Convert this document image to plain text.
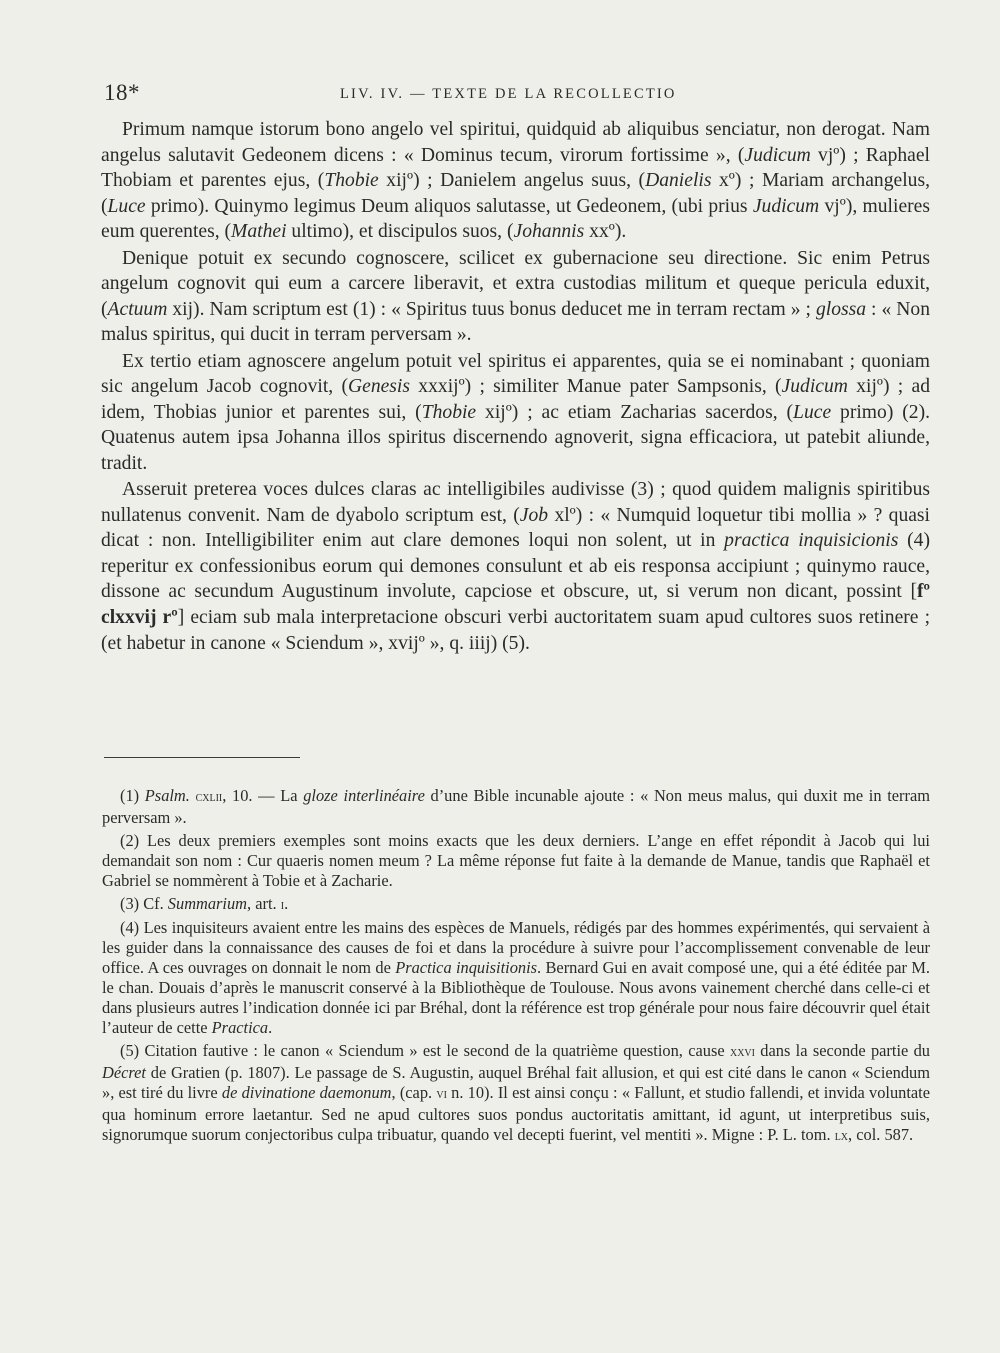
18*	LIV. IV. — TEXTE DE LA RECOLLECTIO

Primum namque istorum bono angelo vel spiritui, quidquid ab aliquibus senciatur, non derogat. Nam angelus salutavit Gedeonem dicens : « Dominus tecum, virorum fortissime », (Judicum vjº) ; Raphael Thobiam et parentes ejus, (Thobie xijº) ; Danielem angelus suus, (Danielis xº) ; Mariam archangelus, (Luce primo). Quinymo legimus Deum aliquos salutasse, ut Gedeonem, (ubi prius Judicum vjº), mulieres eum querentes, (Mathei ultimo), et discipulos suos, (Johannis xxº).

Denique potuit ex secundo cognoscere, scilicet ex gubernacione seu directione. Sic enim Petrus angelum cognovit qui eum a carcere liberavit, et extra custodias militum et queque pericula eduxit, (Actuum xij). Nam scriptum est (1) : « Spiritus tuus bonus deducet me in terram rectam » ; glossa : « Non malus spiritus, qui ducit in terram perversam ».

Ex tertio etiam agnoscere angelum potuit vel spiritus ei apparentes, quia se ei nominabant ; quoniam sic angelum Jacob cognovit, (Genesis xxxijº) ; similiter Manue pater Sampsonis, (Judicum xijº) ; ad idem, Thobias junior et parentes sui, (Thobie xijº) ; ac etiam Zacharias sacerdos, (Luce primo) (2). Quatenus autem ipsa Johanna illos spiritus discernendo agnoverit, signa efficaciora, ut patebit aliunde, tradit.

Asseruit preterea voces dulces claras ac intelligibiles audivisse (3) ; quod quidem malignis spiritibus nullatenus convenit. Nam de dyabolo scriptum est, (Job xlº) : « Numquid loquetur tibi mollia » ? quasi dicat : non. Intelligibiliter enim aut clare demones loqui non solent, ut in practica inquisicionis (4) reperitur ex confessionibus eorum qui demones consulunt et ab eis responsa accipiunt ; quinymo rauce, dissone ac secundum Augustinum involute, capciose et obscure, ut, si verum non dicant, possint [fº clxxvij rº] eciam sub mala interpretacione obscuri verbi auctoritatem suam apud cultores suos retinere ; (et habetur in canone « Sciendum », xvijº », q. iiij) (5).

(1) Psalm. cxlii, 10. — La gloze interlinéaire d’une Bible incunable ajoute : « Non meus malus, qui duxit me in terram perversam ».

(2) Les deux premiers exemples sont moins exacts que les deux derniers. L’ange en effet répondit à Jacob qui lui demandait son nom : Cur quaeris nomen meum ? La même réponse fut faite à la demande de Manue, tandis que Raphaël et Gabriel se nommèrent à Tobie et à Zacharie.

(3) Cf. Summarium, art. i.

(4) Les inquisiteurs avaient entre les mains des espèces de Manuels, rédigés par des hommes expérimentés, qui servaient à les guider dans la connaissance des causes de foi et dans la procédure à suivre pour l’accomplissement convenable de leur office. A ces ouvrages on donnait le nom de Practica inquisitionis. Bernard Gui en avait composé une, qui a été éditée par M. le chan. Douais d’après le manuscrit conservé à la Bibliothèque de Toulouse. Nous avons vainement cherché dans celle-ci et dans plusieurs autres l’indication donnée ici par Bréhal, dont la référence est trop générale pour nous faire découvrir quel était l’auteur de cette Practica.

(5) Citation fautive : le canon « Sciendum » est le second de la quatrième question, cause xxvi dans la seconde partie du Décret de Gratien (p. 1807). Le passage de S. Augustin, auquel Bréhal fait allusion, et qui est cité dans le canon « Sciendum », est tiré du livre de divinatione daemonum, (cap. vi n. 10). Il est ainsi conçu : « Fallunt, et studio fallendi, et invida voluntate qua hominum errore laetantur. Sed ne apud cultores suos pondus auctoritatis amittant, id agunt, ut interpretibus suis, signorumque suorum conjectoribus culpa tribuatur, quando vel decepti fuerint, vel mentiti ». Migne : P. L. tom. lx, col. 587.
